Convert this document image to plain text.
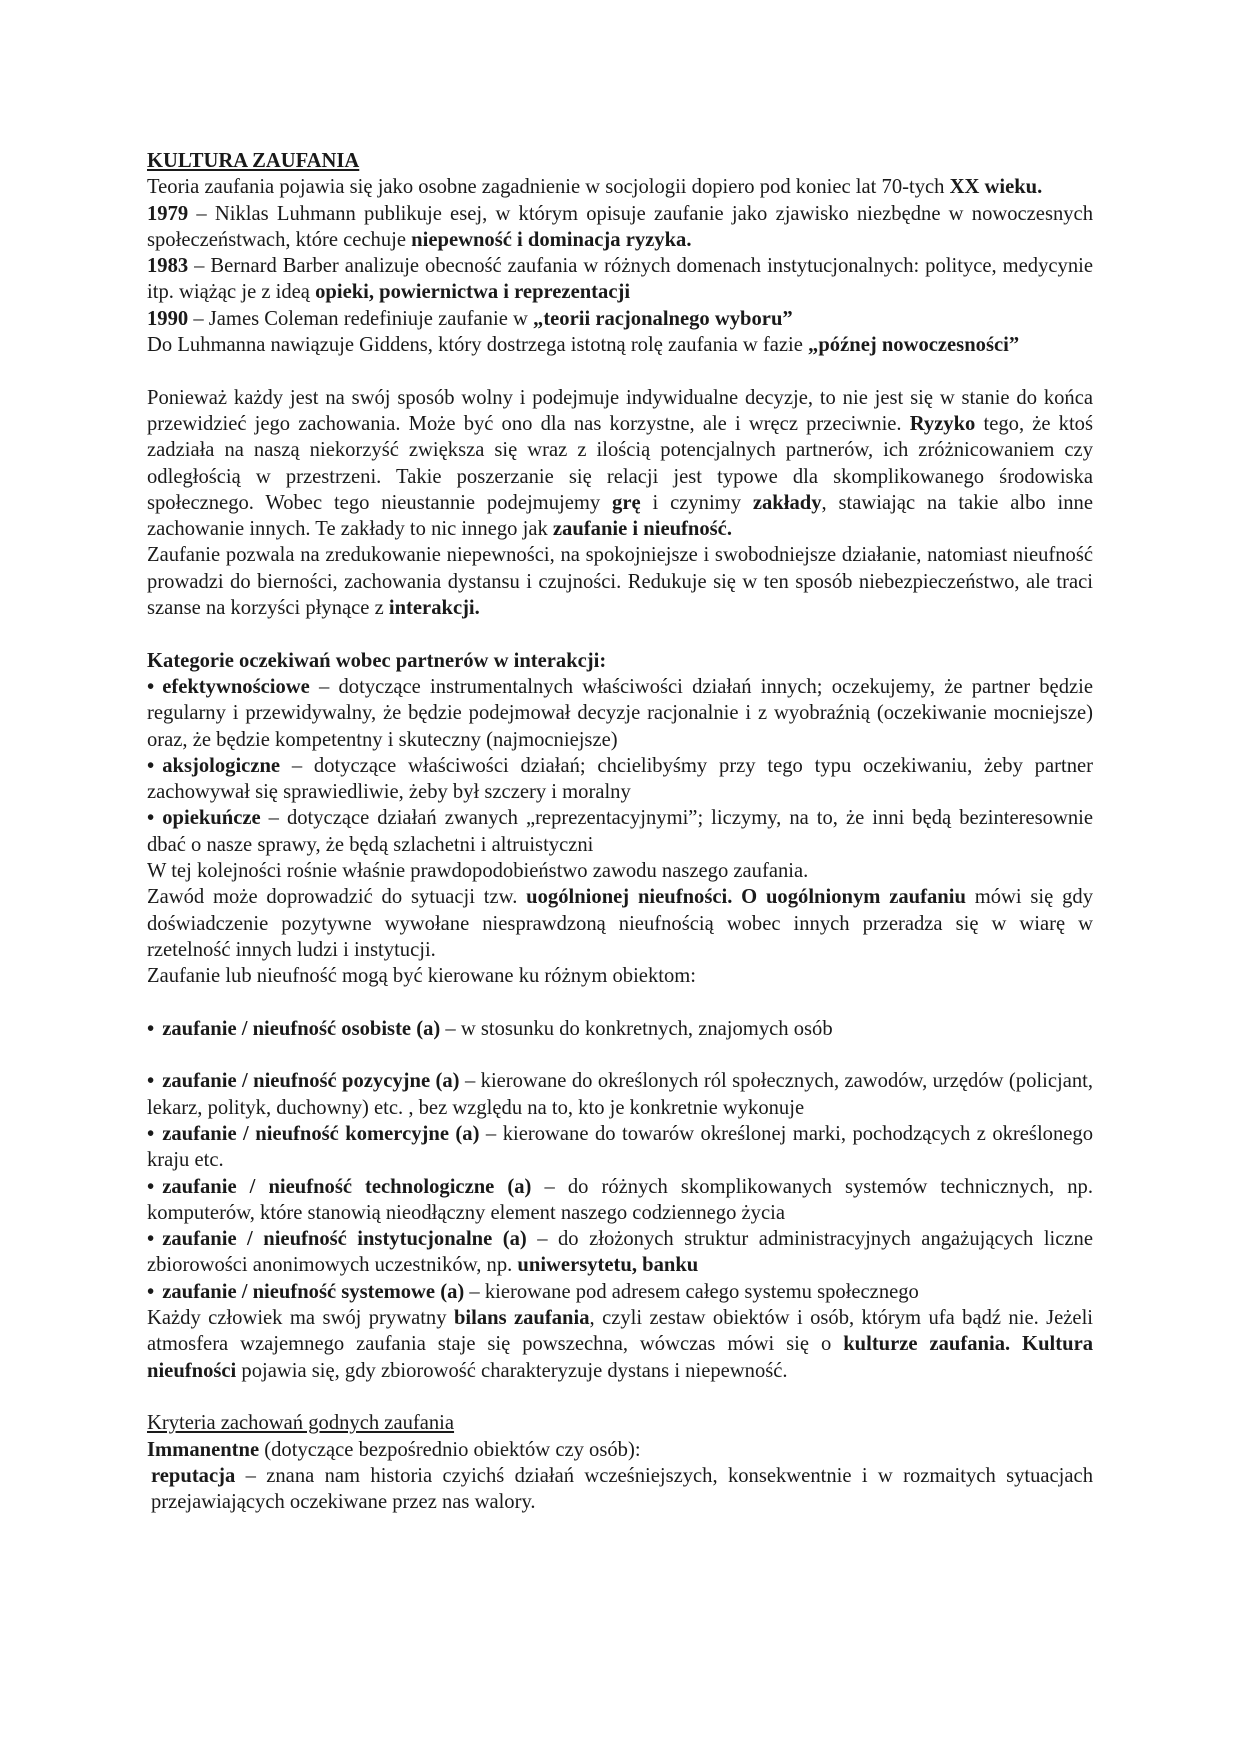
KULTURA ZAUFANIA

Teoria zaufania pojawia się jako osobne zagadnienie w socjologii dopiero pod koniec lat 70-tych XX wieku.

1979 – Niklas Luhmann publikuje esej, w którym opisuje zaufanie jako zjawisko niezbędne w nowoczesnych społeczeństwach, które cechuje niepewność i dominacja ryzyka.

1983 – Bernard Barber analizuje obecność zaufania w różnych domenach instytucjonalnych: polityce, medycynie itp. wiążąc je z ideą opieki, powiernictwa i reprezentacji

1990 – James Coleman redefiniuje zaufanie w „teorii racjonalnego wyboru”

Do Luhmanna nawiązuje Giddens, który dostrzega istotną rolę zaufania w fazie „późnej nowoczesności”

Ponieważ każdy jest na swój sposób wolny i podejmuje indywidualne decyzje, to nie jest się w stanie do końca przewidzieć jego zachowania. Może być ono dla nas korzystne, ale i wręcz przeciwnie. Ryzyko tego, że ktoś zadziała na naszą niekorzyść zwiększa się wraz z ilością potencjalnych partnerów, ich zróżnicowaniem czy odległością w przestrzeni. Takie poszerzanie się relacji jest typowe dla skomplikowanego środowiska społecznego. Wobec tego nieustannie podejmujemy grę i czynimy zakłady, stawiając na takie albo inne zachowanie innych. Te zakłady to nic innego jak zaufanie i nieufność.

Zaufanie pozwala na zredukowanie niepewności, na spokojniejsze i swobodniejsze działanie, natomiast nieufność prowadzi do bierności, zachowania dystansu i czujności. Redukuje się w ten sposób niebezpieczeństwo, ale traci szanse na korzyści płynące z interakcji.

Kategorie oczekiwań wobec partnerów w interakcji:

• efektywnościowe – dotyczące instrumentalnych właściwości działań innych; oczekujemy, że partner będzie regularny i przewidywalny, że będzie podejmował decyzje racjonalnie i z wyobraźnią (oczekiwanie mocniejsze) oraz, że będzie kompetentny i skuteczny (najmocniejsze)

• aksjologiczne – dotyczące właściwości działań; chcielibyśmy przy tego typu oczekiwaniu, żeby partner zachowywał się sprawiedliwie, żeby był szczery i moralny

• opiekuńcze – dotyczące działań zwanych „reprezentacyjnymi”; liczymy, na to, że inni będą bezinteresownie dbać o nasze sprawy, że będą szlachetni i altruistyczni

W tej kolejności rośnie właśnie prawdopodobieństwo zawodu naszego zaufania.

Zawód może doprowadzić do sytuacji tzw. uogólnionej nieufności. O uogólnionym zaufaniu mówi się gdy doświadczenie pozytywne wywołane niesprawdzoną nieufnością wobec innych przeradza się w wiarę w rzetelność innych ludzi i instytucji.

Zaufanie lub nieufność mogą być kierowane ku różnym obiektom:

• zaufanie / nieufność osobiste (a) – w stosunku do konkretnych, znajomych osób

• zaufanie / nieufność pozycyjne (a) – kierowane do określonych ról społecznych, zawodów, urzędów (policjant, lekarz, polityk, duchowny) etc. , bez względu na to, kto je konkretnie wykonuje

• zaufanie / nieufność komercyjne (a) – kierowane do towarów określonej marki, pochodzących z określonego kraju etc.

• zaufanie / nieufność technologiczne (a) – do różnych skomplikowanych systemów technicznych, np. komputerów, które stanowią nieodłączny element naszego codziennego życia

• zaufanie / nieufność instytucjonalne (a) – do złożonych struktur administracyjnych angażujących liczne zbiorowości anonimowych uczestników, np. uniwersytetu, banku

• zaufanie / nieufność systemowe (a) – kierowane pod adresem całego systemu społecznego

Każdy człowiek ma swój prywatny bilans zaufania, czyli zestaw obiektów i osób, którym ufa bądź nie. Jeżeli atmosfera wzajemnego zaufania staje się powszechna, wówczas mówi się o kulturze zaufania. Kultura nieufności pojawia się, gdy zbiorowość charakteryzuje dystans i niepewność.

Kryteria zachowań godnych zaufania

Immanentne (dotyczące bezpośrednio obiektów czy osób):

reputacja – znana nam historia czyichś działań wcześniejszych, konsekwentnie i w rozmaitych sytuacjach przejawiających oczekiwane przez nas walory.
